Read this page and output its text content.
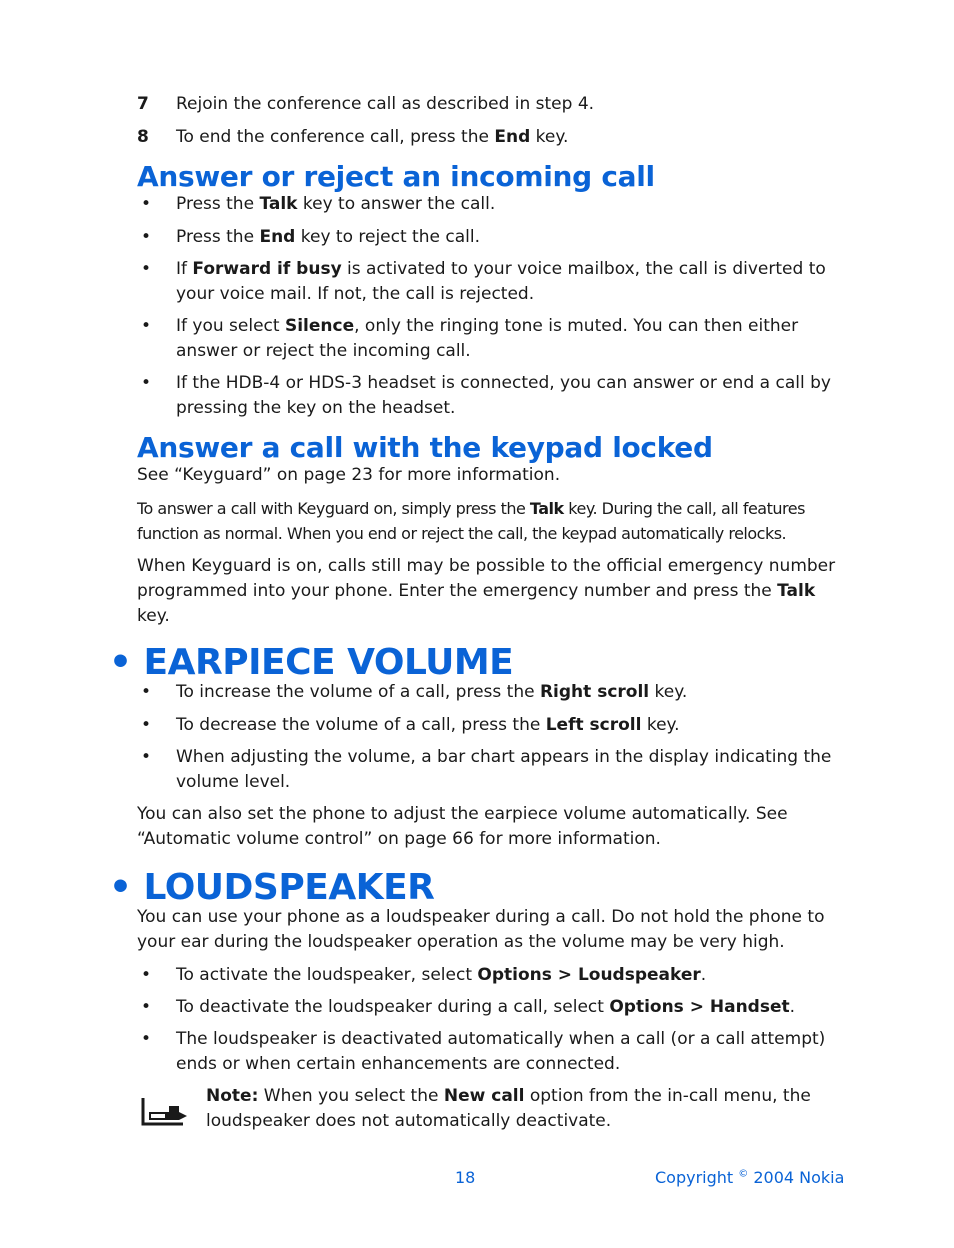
7 Rejoin the conference call as described in step 4.
8 To end the conference call, press the End key.
Answer or reject an incoming call
• Press the Talk key to answer the call.
• Press the End key to reject the call.
• If Forward if busy is activated to your voice mailbox, the call is diverted to your voice mail. If not, the call is rejected.
• If you select Silence, only the ringing tone is muted. You can then either answer or reject the incoming call.
• If the HDB-4 or HDS-3 headset is connected, you can answer or end a call by pressing the key on the headset.
Answer a call with the keypad locked

See “Keyguard” on page 23 for more information.

To answer a call with Keyguard on, simply press the Talk key. During the call, all features function as normal. When you end or reject the call, the keypad automatically relocks.

When Keyguard is on, calls still may be possible to the official emergency number programmed into your phone. Enter the emergency number and press the Talk key.

• EARPIECE VOLUME
• To increase the volume of a call, press the Right scroll key.
• To decrease the volume of a call, press the Left scroll key.
• When adjusting the volume, a bar chart appears in the display indicating the volume level.

You can also set the phone to adjust the earpiece volume automatically. See “Automatic volume control” on page 66 for more information.

• LOUDSPEAKER

You can use your phone as a loudspeaker during a call. Do not hold the phone to your ear during the loudspeaker operation as the volume may be very high.

• To activate the loudspeaker, select Options > Loudspeaker.
• To deactivate the loudspeaker during a call, select Options > Handset.
• The loudspeaker is deactivated automatically when a call (or a call attempt) ends or when certain enhancements are connected.
Note: When you select the New call option from the in-call menu, the loudspeaker does not automatically deactivate.
18	Copyright © 2004 Nokia
